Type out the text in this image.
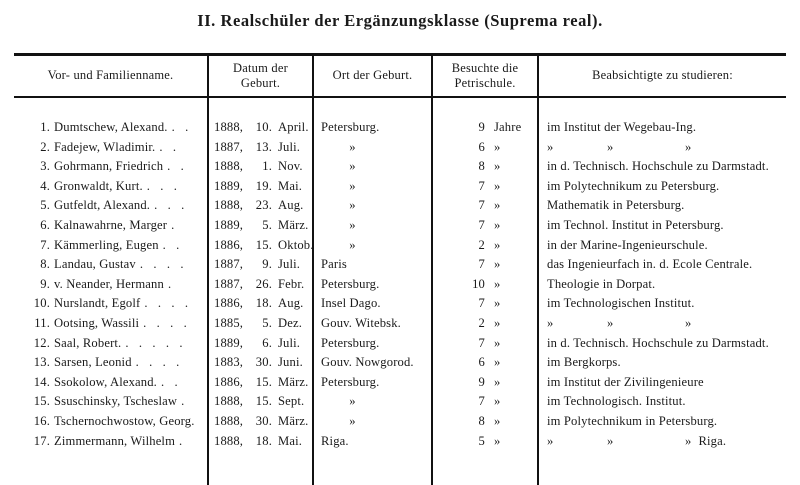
II. Realschüler der Ergänzungsklasse (Suprema real).
Vor- und Familienname.
Datum der
Geburt.
Ort der Geburt.
Besuchte die
Petrischule.
Beabsichtigte zu studieren:
1. Dumtschew, Alexand. . .	1888,	10. April. Petersburg.	9 Jahre	im Institut der Wegebau-Ing.
2. Fadejew, Wladimir. . .	1887,	13. Juli.	»	6 »	»	»	»
3. Gohrmann, Friedrich . .	1888,	1. Nov.	»	8 »	in d. Technisch. Hochschule zu Darmstadt.
4. Gronwaldt, Kurt. . . .	1889,	19. Mai.	»	7 »	im Polytechnikum zu Petersburg.
5. Gutfeldt, Alexand. . . .	1888,	23. Aug.	»	7 »	Mathematik in Petersburg.
6. Kalnawahrne, Marger .	1889,	5. März.	»	7 »	im Technol. Institut in Petersburg.
7. Kämmerling, Eugen . .	1886,	15. Oktob.	»	2 »	in der Marine-Ingenieurschule.
8. Landau, Gustav . . . .	1887,	9. Juli.	Paris	7 »	das Ingenieurfach in. d. Ecole Centrale.
9. v. Neander, Hermann .	1887,	26. Febr.	Petersburg.	10 »	Theologie in Dorpat.
10. Nurslandt, Egolf . . . .	1886,	18. Aug.	Insel Dago.	7 »	im Technologischen Institut.
11. Ootsing, Wassili . . . .	1885,	5. Dez.	Gouv. Witebsk.	2 »	»	»	»
12. Saal, Robert. . . . . .	1889,	6. Juli.	Petersburg.	7 »	in d. Technisch. Hochschule zu Darmstadt.
13. Sarsen, Leonid . . . .	1883,	30. Juni.	Gouv. Nowgorod.	6 »	im Bergkorps.
14. Ssokolow, Alexand. . .	1886,	15. März. Petersburg.	9 »	im Institut der Zivilingenieure
15. Ssuschinsky, Tscheslaw .	1888,	15. Sept.	»	7 »	im Technologisch. Institut.
16. Tschernochwostow, Georg. 1888,	30. März.	»	8 »	im Polytechnikum in Petersburg.
17. Zimmermann, Wilhelm .	1888,	18. Mai.	Riga.	5 »	»	»	» Riga.
